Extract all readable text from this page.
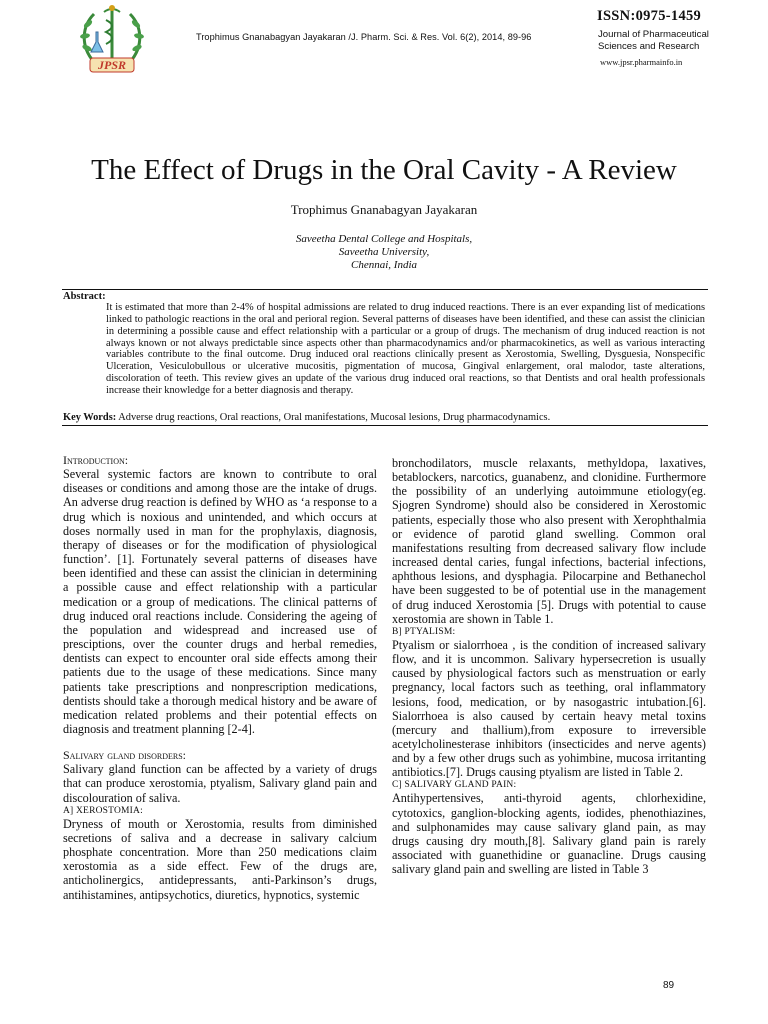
JPSR
Trophimus Gnanabagyan Jayakaran /J. Pharm. Sci. & Res. Vol. 6(2), 2014, 89-96
ISSN:0975-1459
Journal of Pharmaceutical Sciences and Research
www.jpsr.pharmainfo.in
The Effect of Drugs in the Oral Cavity - A Review
Trophimus Gnanabagyan Jayakaran
Saveetha Dental College and Hospitals,
Saveetha University,
Chennai, India
Abstract:
It is estimated that more than 2-4% of hospital admissions are related to drug induced reactions. There is an ever expanding list of medications linked to pathologic reactions in the oral and perioral region. Several patterns of diseases have been identified, and these can assist the clinician in determining a possible cause and effect relationship with a particular or a group of drugs. The mechanism of drug induced reaction is not always known or not always predictable since aspects other than pharmacodynamics and/or pharmacokinetics, as well as various interacting variables contribute to the final outcome. Drug induced oral reactions clinically present as Xerostomia, Swelling, Dysguesia, Nonspecific Ulceration, Vesiculobullous or ulcerative mucositis, pigmentation of mucosa, Gingival enlargement, oral malodor, taste alterations, discoloration of teeth. This review gives an update of the various drug induced oral reactions, so that Dentists and oral health professionals increase their knowledge for a better diagnosis and therapy.
Key Words: Adverse drug reactions, Oral reactions, Oral manifestations, Mucosal lesions, Drug pharmacodynamics.

Introduction:

Several systemic factors are known to contribute to oral diseases or conditions and among those are the intake of drugs. An adverse drug reaction is defined by WHO as ‘a response to a drug which is noxious and unintended, and which occurs at doses normally used in man for the prophylaxis, diagnosis, therapy of diseases or for the modification of physiological function’. [1]. Fortunately several patterns of diseases have been identified and these can assist the clinician in determining a possible cause and effect relationship with a particular medication or a group of medications. The clinical patterns of drug induced oral reactions include. Considering the ageing of the population and widespread and increased use of presciptions, over the counter drugs and herbal remedies, dentists can expect to encounter oral side effects among their patients due to the usage of these medications. Since many patients take prescriptions and nonprescription medications, dentists should take a thorough medical history and be aware of medication related problems and their potential effects on diagnosis and treatment planning [2-4].

Salivary gland disorders:

Salivary gland function can be affected by a variety of drugs that can produce xerostomia, ptyalism, Salivary gland pain and discolouration of saliva.

A] XEROSTOMIA:

Dryness of mouth or Xerostomia, results from diminished secretions of saliva and a decrease in salivary calcium phosphate concentration. More than 250 medications claim xerostomia as a side effect. Few of the drugs are, anticholinergics, antidepressants, anti-Parkinson’s drugs, antihistamines, antipsychotics, diuretics, hypnotics, systemic

bronchodilators, muscle relaxants, methyldopa, laxatives, betablockers, narcotics, guanabenz, and clonidine. Furthermore the possibility of an underlying autoimmune etiology(eg. Sjogren Syndrome) should also be considered in Xerostomic patients, especially those who also present with Xerophthalmia or evidence of parotid gland swelling. Common oral manifestations resulting from decreased salivary flow include increased dental caries, fungal infections, bacterial infections, aphthous lesions, and dysphagia. Pilocarpine and Bethanechol have been suggested to be of potential use in the management of drug induced Xerostomia [5]. Drugs with potential to cause xerostomia are shown in Table 1.

B] PTYALISM:

Ptyalism or sialorrhoea , is the condition of increased salivary flow, and it is uncommon. Salivary hypersecretion is usually caused by physiological factors such as menstruation or early pregnancy, local factors such as teething, oral inflammatory lesions, food, medication, or by nasogastric intubation.[6]. Sialorrhoea is also caused by certain heavy metal toxins (mercury and thallium),from exposure to irreversible acetylcholinesterase inhibitors (insecticides and nerve agents) and by a few other drugs such as yohimbine, mucosa irritanting antibiotics.[7]. Drugs causing ptyalism are listed in Table 2.

C] SALIVARY GLAND PAIN:

Antihypertensives, anti-thyroid agents, chlorhexidine, cytotoxics, ganglion-blocking agents, iodides, phenothiazines, and sulphonamides may cause salivary gland pain, as may drugs causing dry mouth,[8]. Salivary gland pain is rarely associated with guanethidine or guanacline. Drugs causing salivary gland pain and swelling are listed in Table 3

89
